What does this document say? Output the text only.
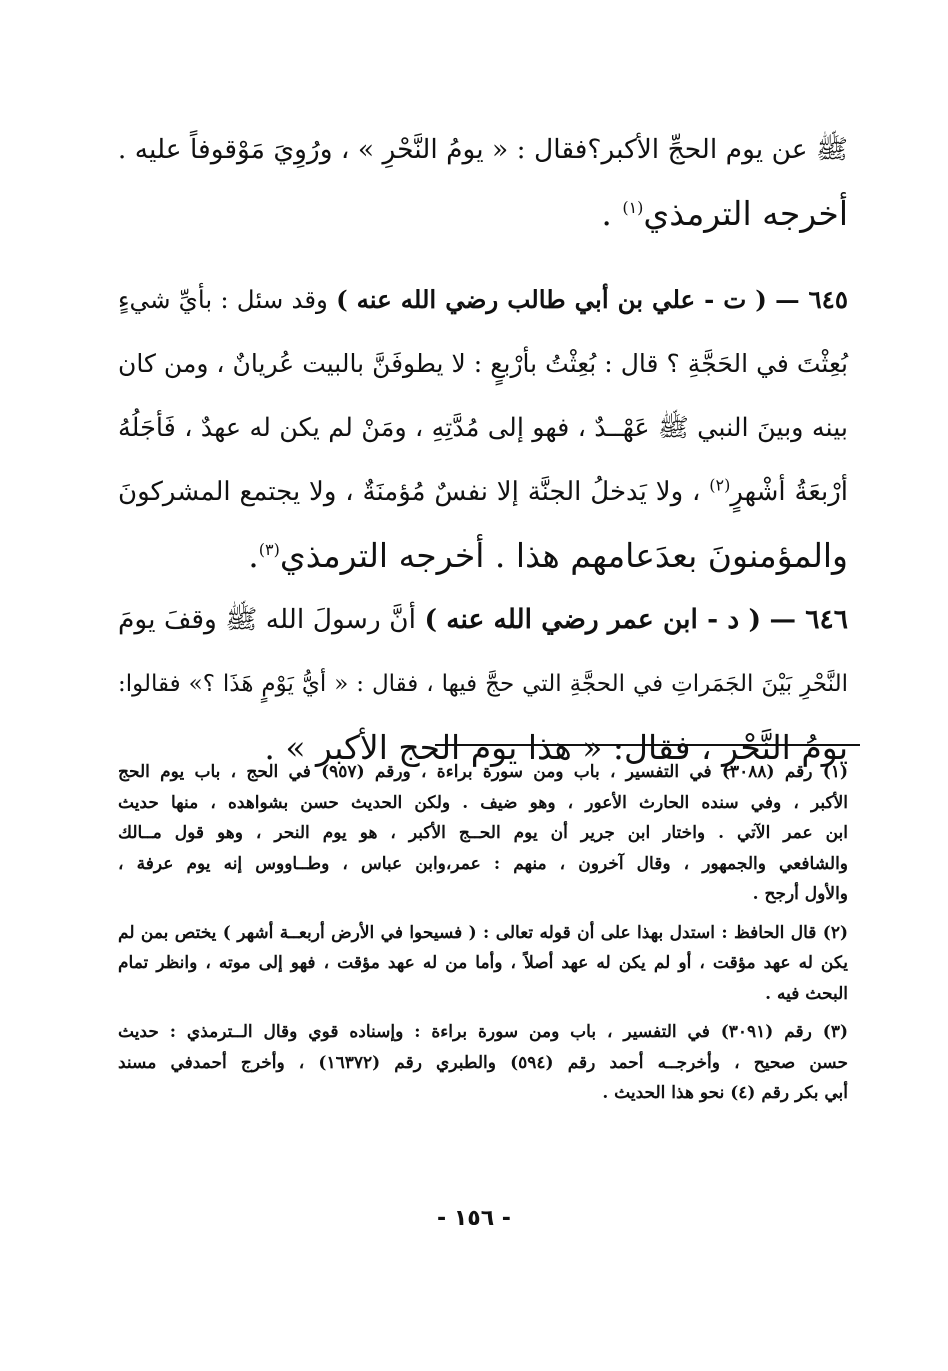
ﷺ عن يوم الحجِّ الأكبر؟فقال : « يومُ النَّحْرِ » ، ورُوِيَ مَوْقوفاً عليه .
أخرجه الترمذي$^{(١)}$ .
٦٤٥ — ( ت - علي بن أبي طالب رضي الله عنه ) وقد سئل : بأيِّ شيءٍ
بُعِثْتَ في الحَجَّةِ ؟ قال : بُعِثْتُ بأرْبعٍ : لا يطوفَنَّ بالبيت عُريانٌ ، ومن كان
بينه وبينَ النبي ﷺ عَهْــدٌ ، فهو إلى مُدَّتِهِ ، ومَنْ لم يكن له عهدٌ ، فَأجَلُهُ
أرْبعَةُ أشْهرٍ$^{(٢)}$ ، ولا يَدخلُ الجنَّة إلا نفسٌ مُؤمنَةٌ ، ولا يجتمع المشركونَ
والمؤمنونَ بعدَعامهم هذا . أخرجه الترمذي$^{(٣)}$.
٦٤٦ — ( د - ابن عمر رضي الله عنه ) أنَّ رسولَ الله ﷺ وقفَ يومَ
النَّحْرِ بَيْنَ الجَمَراتِ في الحجَّةِ التي حجَّ فيها ، فقال : « أيُّ يَوْمٍ هَذَا ؟» فقالوا:
يومُ النَّحْرِ ، فقال: « هذا يوم الحج الأكبر » .
(١) رقم (٣٠٨٨) في التفسير ، باب ومن سورة براءة ، ورقم (٩٥٧) في الحج ، باب يوم الحج
الأكبر ، وفي سنده الحارث الأعور ، وهو ضيف . ولكن الحديث حسن بشواهده ، منها حديث
ابن عمر الآتي . واختار ابن جرير أن يوم الحــج الأكبر ، هو يوم النحر ، وهو قول مــالك
والشافعي والجمهور ، وقال آخرون ، منهم : عمر،وابن عباس ، وطــاووس إنه يوم عرفة ،
والأول أرجح .
(٢) قال الحافظ : استدل بهذا على أن قوله تعالى : ( فسيحوا في الأرض أربعــة أشهر ) يختص بمن لم
يكن له عهد مؤقت ، أو لم يكن له عهد أصلاً ، وأما من له عهد مؤقت ، فهو إلى موته ، وانظر تمام
البحث فيه .
(٣) رقم (٣٠٩١) في التفسير ، باب ومن سورة براءة : وإسناده قوي وقال الــترمذي : حديث
حسن صحيح ، وأخرجــه أحمد رقم (٥٩٤) والطبري رقم (١٦٣٧٢) ، وأخرج أحمدفي مسند
أبي بكر رقم (٤) نحو هذا الحديث .
- ١٥٦ -
